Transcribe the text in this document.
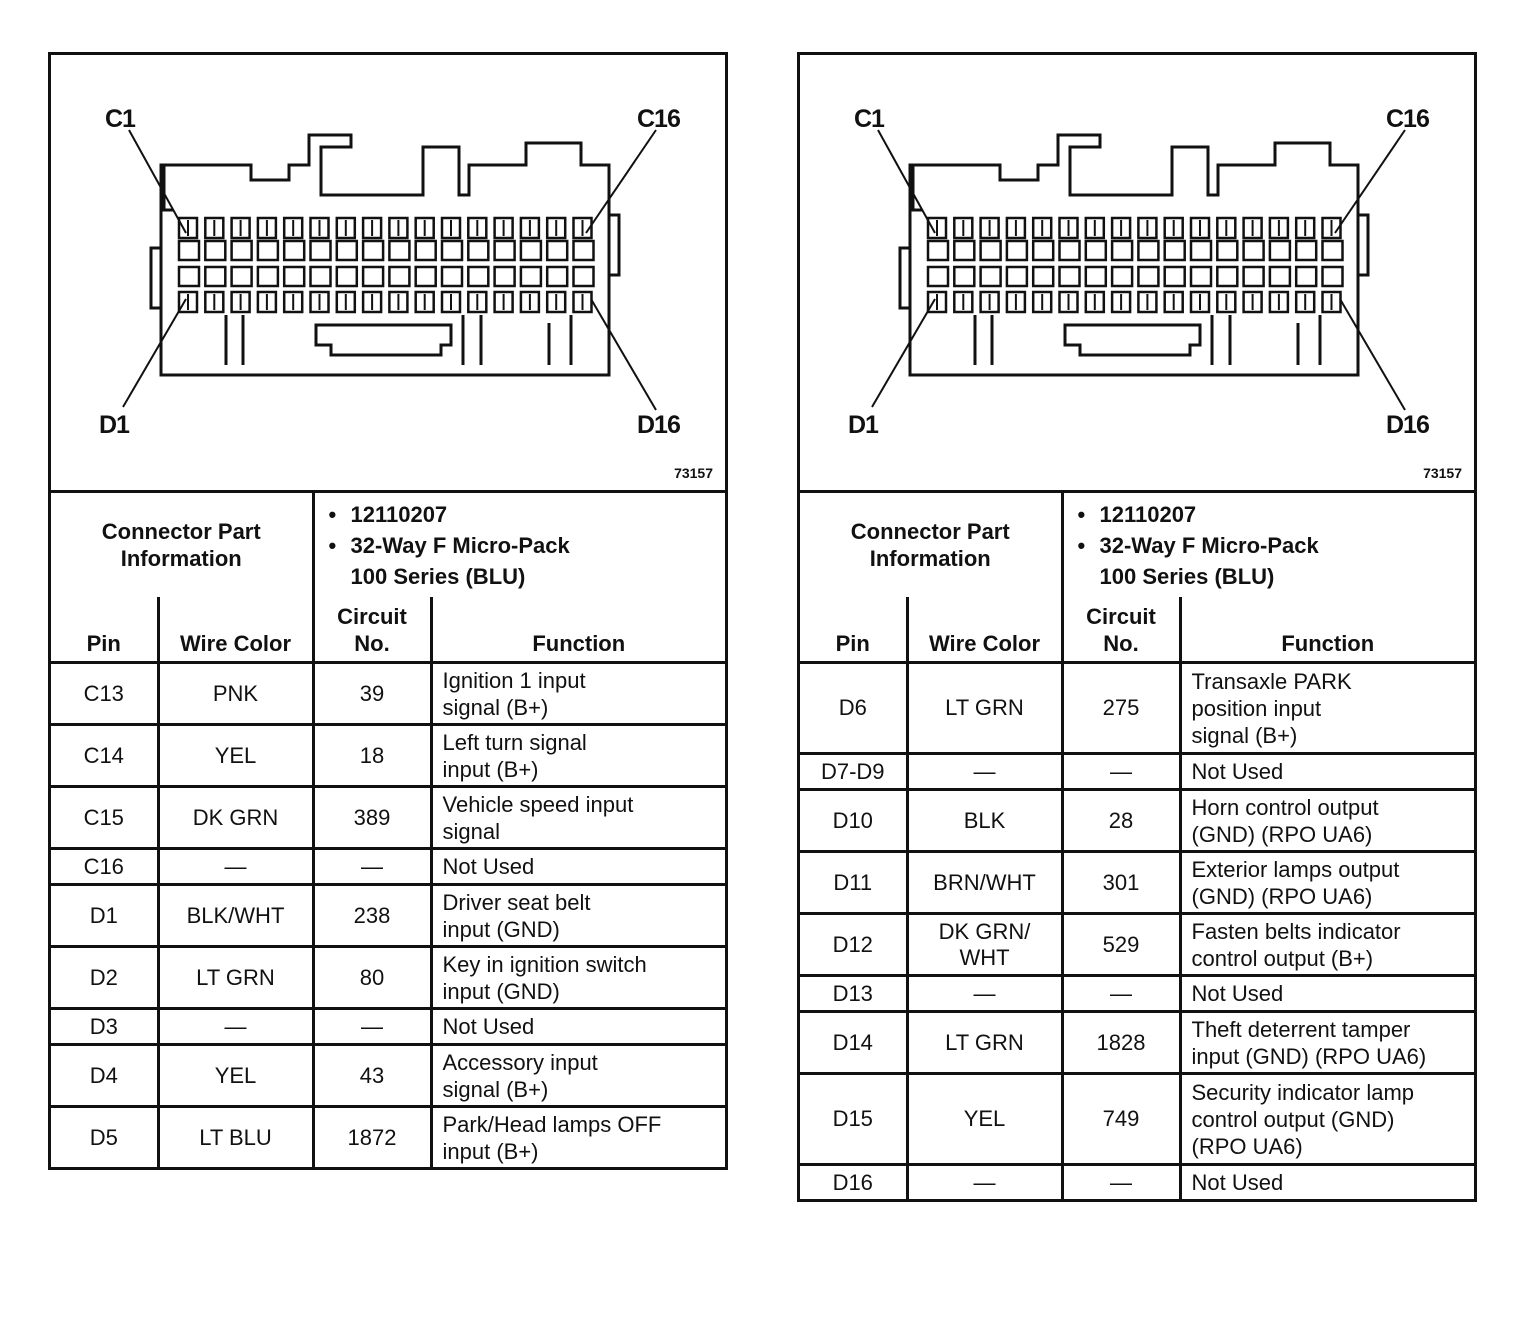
C1	C16
D1	D16
73157
Connector Part
Information

• 12110207
• 32-Way F Micro-Pack
100 Series (BLU)
Pin	Wire Color	Circuit
No.	Function
C13	PNK	39	Ignition 1 input
signal (B+)

C14	YEL	18	Left turn signal
input (B+)

C15	DK GRN	389	Vehicle speed input
signal

C16	—	—	Not Used

D1	BLK/WHT	238	Driver seat belt
input (GND)

D2	LT GRN	80	Key in ignition switch
input (GND)

D3	—	—	Not Used

D4	YEL	43	Accessory input
signal (B+)

D5	LT BLU	1872	Park/Head lamps OFF
input (B+)
C1	C16
D1	D16
73157
Connector Part
Information

• 12110207
• 32-Way F Micro-Pack
100 Series (BLU)
Pin	Wire Color	Circuit
No.	Function
D6	LT GRN	275	Transaxle PARK
position input
signal (B+)

D7-D9	—	—	Not Used

D10	BLK	28	Horn control output
(GND) (RPO UA6)

D11	BRN/WHT	301	Exterior lamps output
(GND) (RPO UA6)

D12	DK GRN/ WHT	529	Fasten belts indicator
control output (B+)

D13	—	—	Not Used

D14	LT GRN	1828	Theft deterrent tamper
input (GND) (RPO UA6)

D15	YEL	749	Security indicator lamp
control output (GND)
(RPO UA6)

D16	—	—	Not Used
